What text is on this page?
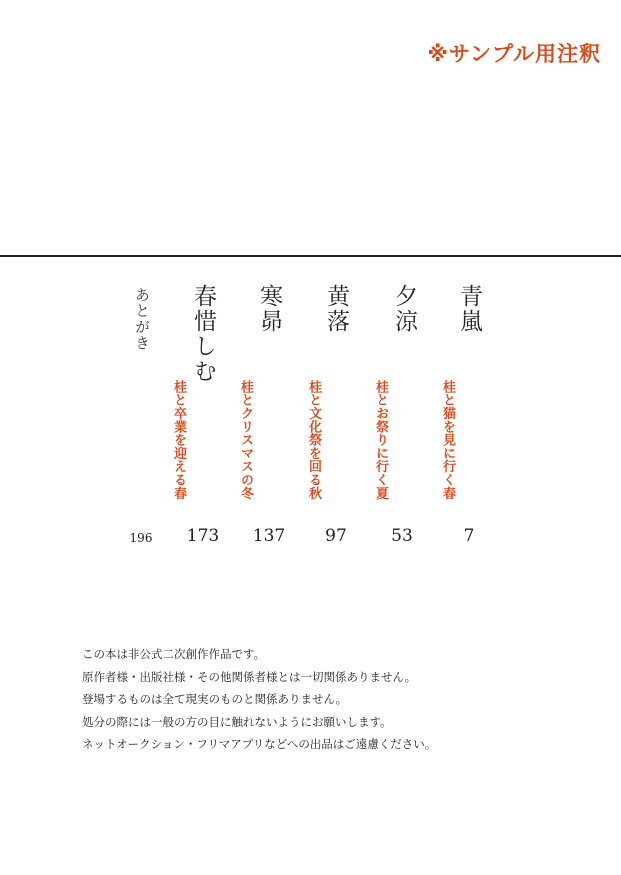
※サンプル用注釈
青嵐
桂と猫を見に行く春
7
夕涼
桂とお祭りに行く夏
53
黄落
桂と文化祭を回る秋
97
寒昴
桂とクリスマスの冬
137
春惜しむ
桂と卒業を迎える春
173
あとがき
196

この本は非公式二次創作作品です。

原作者様・出版社様・その他関係者様とは一切関係ありません。

登場するものは全て現実のものと関係ありません。

処分の際には一般の方の目に触れないようにお願いします。

ネットオークション・フリマアプリなどへの出品はご遠慮ください。
